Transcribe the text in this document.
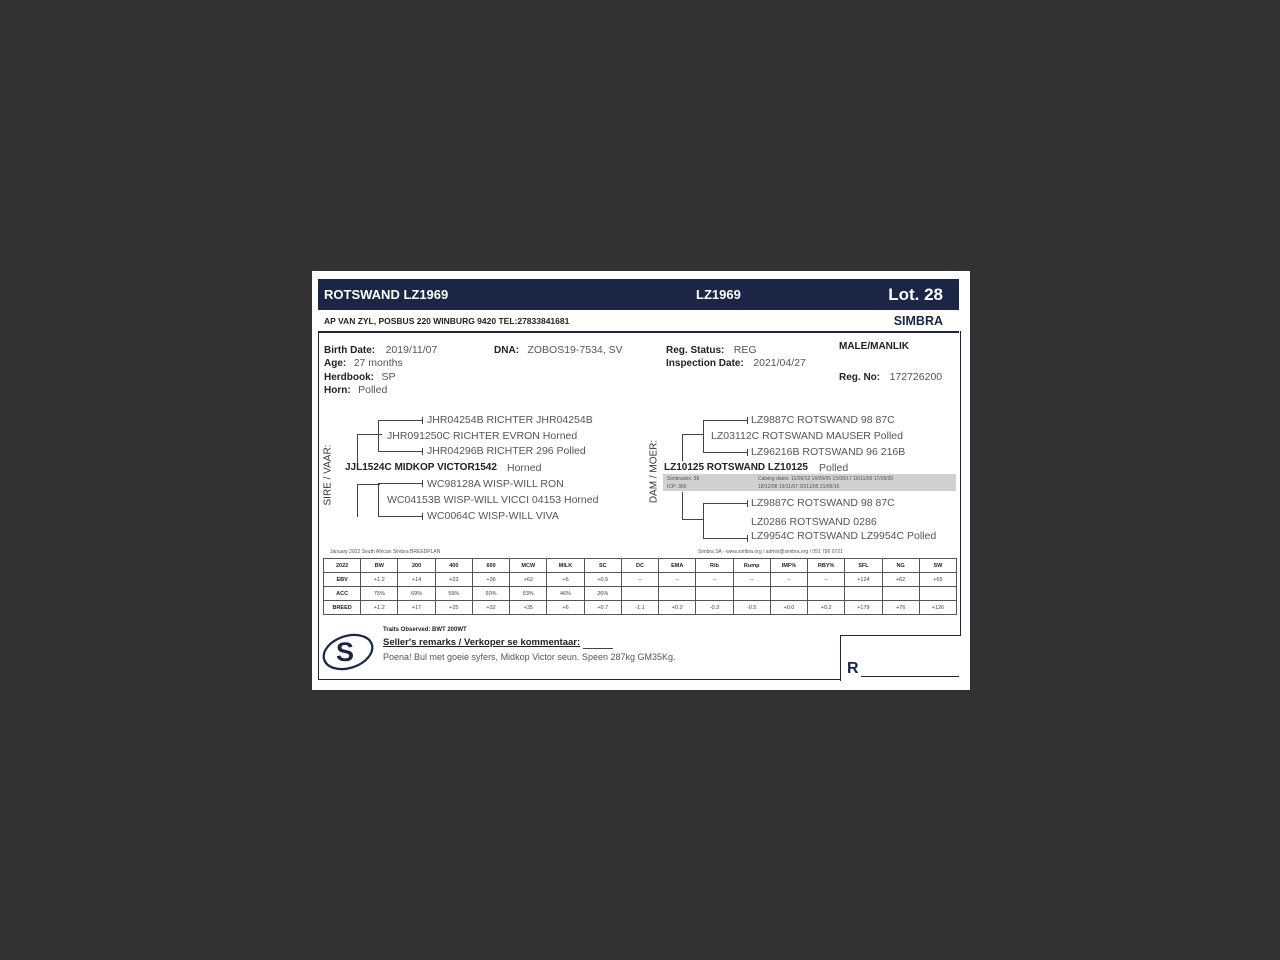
ROTSWAND LZ1969	LZ1969	Lot. 28
AP VAN ZYL, POSBUS 220 WINBURG 9420 TEL:27833841681	SIMBRA
Birth Date: 2019/11/07
Age: 27 months
Herdbook: SP
Horn: Polled
DNA: ZOBOS19-7534, SV	Reg. Status: REG
Inspection Date: 2021/04/27
MALE/MANLIK
Reg. No: 172726200
SIRE / VAAR:
JHR04254B RICHTER JHR04254B
JHR091250C RICHTER EVRON Horned
JHR04296B RICHTER 296 Polled
JJL1524C MIDKOP VICTOR1542 Horned
WC98128A WISP-WILL RON
WC04153B WISP-WILL VICCI 04153 Horned
WC0064C WISP-WILL VIVA
DAM / MOER:
LZ9887C ROTSWAND 98 87C
LZ03112C ROTSWAND MAUSER Polled
LZ96216B ROTSWAND 96 216B
LZ10125 ROTSWAND LZ10125 Polled
Simbradex: 98
ICP: 366
Calving dates: 11/09/12 16/09/05 15/09/17 16/11/09 17/09/30
18/12/08 19/11/07 20/11/05 21/09/16
LZ9887C ROTSWAND 98 87C
LZ0286 ROTSWAND 0286
LZ9954C ROTSWAND LZ9954C Polled
January 2022 South African Simbra BREEDPLAN	Simbra SA - www.simbra.org / admin@simbra.org / 051 786 0721
2022	BW	200	400	600	MCW	MILK	SC	DC	EMA	Rib	Rump	IMF%	RBY%	SFL	NG	SW
EBV	+1.2	+14	+23	+36	+62	+6	+0.5	--	--	--	--	--	--	+124	+62	+65
ACC	75%	69%	59%	60%	53%	46%	26%									
BREED	+1.2	+17	+25	+32	+35	+6	+0.7	-1.1	+0.2	-0.3	-0.5	+0.0	+0.2	+179	+76	+126
S
Traits Observed: BWT 200WT
Seller's remarks / Verkoper se kommentaar:
Poena! Bul met goeie syfers, Midkop Victor seun. Speen 287kg GM35Kg.
R
